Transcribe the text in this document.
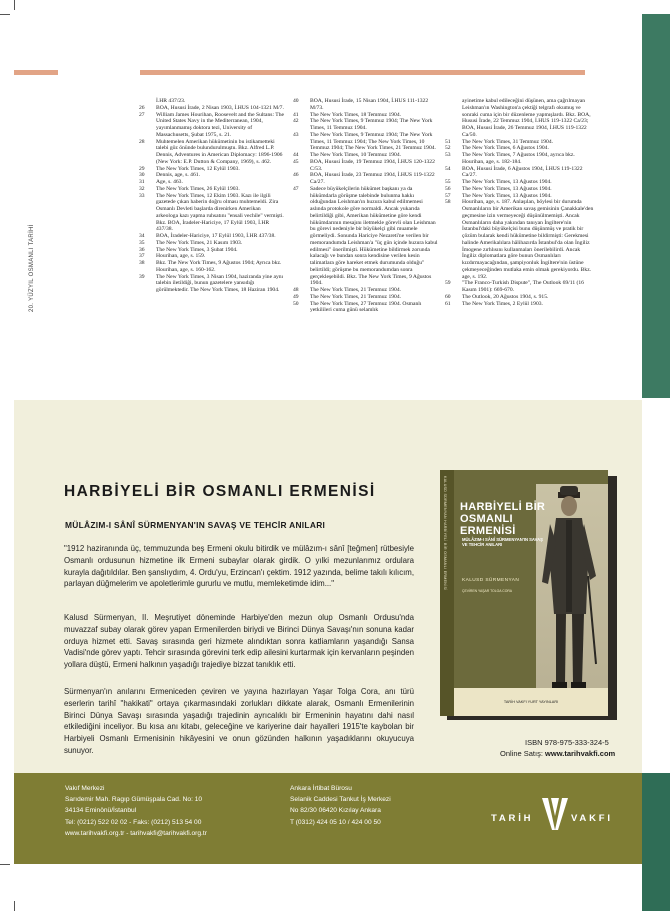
20. YÜZYIL OSMANLI TARİHİ
İ.HR 437/23.
26	BOA, Hususi İrade, 2 Nisan 1903, İ.HUS 104-1321 M/7.
27	William James Hourihan, Roosevelt and the Sultans: The United States Navy in the Mediterranean, 1904, yayımlanmamış doktora tezi, University of Massachusetts, Şubat 1975, s. 21.
28	Muhtemelen Amerikan hükümetinin bu istikametteki talebi göz önünde bulundurulmuştu. Bkz. Alfred L.P. Dennis, Adventures in American Diplomacy: 1896-1906 (New York: E.P. Dutton & Company, 1969), s. 462.
29	The New York Times, 12 Eylül 1903.
30	Dennis, age, s. 461.
31	Age, s. 463.
32	The New York Times, 26 Eylül 1903.
33	The New York Times, 12 Ekim 1903. Kazı ile ilgili gazetede çıkan haberin doğru olması muhtemeldi. Zira Osmanlı Devleti başlarda direnirken Amerikan arkeologa kazı yapma ruhsatını "ensali vechile" vermişti. Bkz. BOA, İradeler-Hariciye, 17 Eylül 1903, İ.HR 437/38.
34	BOA, İradeler-Hariciye, 17 Eylül 1903, İ.HR 437/38.
35	The New York Times, 21 Kasım 1903.
36	The New York Times, 3 Şubat 1904.
37	Hourihan, age, s. 159.
38	Bkz. The New York Times, 9 Ağustos 1904; Ayrıca bkz. Hourihan, age, s. 160-162.
39	The New York Times, 3 Nisan 1904, haziranda yine aynı talebin iletildiği, bunun gazetelere yansıdığı görülmektedir. The New York Times, 18 Haziran 1904.
40	BOA, Hususi İrade, 15 Nisan 1904, İ.HUS 111-1322 M/73.
41	The New York Times, 18 Temmuz 1904.
42	The New York Times, 9 Temmuz 1904; The New York Times, 11 Temmuz 1904.
43	The New York Times, 9 Temmuz 1904; The New York Times, 11 Temmuz 1904; The New York Times, 10 Temmuz 1904; The New York Times, 21 Temmuz 1904.
44	The New York Times, 10 Temmuz 1904.
45	BOA, Hususi İrade, 19 Temmuz 1904, İ.HUS 120-1322 C/53.
46	BOA, Hususi İrade, 23 Temmuz 1904, İ.HUS 119-1322 Ca/27.
47	Sadece büyükelçilerin hükümet başkanı ya da hükümdarla görüşme talebinde bulunma hakkı olduğundan Leishman'ın huzura kabul edilmemesi aslında protokole göre normaldi. Ancak yukarıda belirtildiği gibi, Amerikan hükümetine göre kendi hükümdarının mesajını iletmekle görevli olan Leishman bu görevi nedeniyle bir büyükelçi gibi muamele görmeliydi. Sonunda Hariciye Nezareti'ne verilen bir memorandumda Leishman'a "üç gün içinde huzura kabul edilmesi" önerilmişti. Hükümetine bildirmek zorunda kalacağı ve bundan sonra kendisine verilen kesin talimatlara göre hareket etmek durumunda olduğu" belirtildi; görüşme bu memorandumdan sonra gerçekleşebildi. Bkz. The New York Times, 9 Ağustos 1904.
48	The New York Times, 21 Temmuz 1904.
49	The New York Times, 21 Temmuz 1904.
50	The New York Times, 27 Temmuz 1904. Osmanlı yetkilileri cuma günü selamlık
ayinetime kabul edileceğini düşünen, ama çağrılmayan Leishman'ın Washington'a çektiği telgrafı okumuş ve sonraki cuma için bir düzenleme yapmışlardı. Bkz. BOA, Hususi İrade, 22 Temmuz 1904, İ.HUS 119-1322 Ca/23; BOA, Hususi İrade, 26 Temmuz 1904, İ.HUS 119-1322 Ca/50.
51	The New York Times, 31 Temmuz 1904.
52	The New York Times, 6 Ağustos 1904.
53	The New York Times, 7 Ağustos 1904, ayrıca bkz. Hourihan, age, s. 182-184.
54	BOA, Hususi İrade, 6 Ağustos 1904, İ.HUS 119-1322 Ca/27.
55	The New York Times, 13 Ağustos 1904.
56	The New York Times, 13 Ağustos 1904.
57	The New York Times, 13 Ağustos 1904.
58	Hourihan, age, s. 187. Anlaşılan, böylesi bir durumda Osmanlıların bir Amerikan savaş gemisinin Çanakkale'den geçmesine izin vermeyeceği düşünülmemişti. Ancak Osmanlıların daha yakından tanıyan İngiltere'nin İstanbul'daki büyükelçisi bunu düşünmüş ve pratik bir çözüm bularak kendi hükümetine bildirmişti: Gerekmesi halinde Amerikalılara hâlihazırda İstanbul'da olan İngiliz İmogene zırhlısını kullanmaları önerilebilirdi. Ancak İngiliz diplomatlara göre bunun Osmanlıları kızdırmayacağından, şampiyonluk İngiltere'nin üstüne çekmeyeceğinden mutlaka emin olmak gerekiyordu. Bkz. age, s. 192.
59	"The Franco-Turkish Dispute", The Outlook 69/11 (16 Kasım 1901): 669-670.
60	The Outlook, 20 Ağustos 1904, s. 915.
61	The New York Times, 2 Eylül 1903.
HARBİYELİ BİR OSMANLI ERMENİSİ
MÜLÂZIM-I SÂNÎ SÜRMENYAN'IN SAVAŞ VE TEHCİR ANILARI

"1912 haziranında üç, temmuzunda beş Ermeni okulu bitirdik ve mülâzım-ı sânî [teğmen] rütbesiyle Osmanlı ordusunun hizmetine ilk Ermeni subaylar olarak girdik. O yılki mezunlarımız ordulara kurayla dağıtıldılar. Ben şanslıydım, 4. Ordu'yu, Erzincan'ı çektim. 1912 yazında, belime takılı kılıcım, parlayan düğmelerim ve apoletlerimle gururlu ve mutlu, memleketimde idim..."

Kalusd Sürmenyan, II. Meşrutiyet döneminde Harbiye'den mezun olup Osmanlı Ordusu'nda muvazzaf subay olarak görev yapan Ermenilerden biriydi ve Birinci Dünya Savaşı'nın sonuna kadar orduya hizmet etti. Savaş sırasında geri hizmete alındıktan sonra katliamların yaşandığı Sansa Vadisi'nde görev yaptı. Tehcir sırasında görevini terk edip ailesini kurtarmak için kervanların peşinden yollara düştü, Ermeni halkının yaşadığı trajediye bizzat tanıklık etti.

Sürmenyan'ın anılarını Ermeniceden çeviren ve yayına hazırlayan Yaşar Tolga Cora, anı türü eserlerin tarihî "hakikati" ortaya çıkarmasındaki zorlukları dikkate alarak, Osmanlı Ermenilerinin Birinci Dünya Savaşı sırasında yaşadığı trajedinin ayrıcalıklı bir Ermeninin hayatını dahi nasıl etkilediğini inceliyor. Bu kısa anı kitabı, geleceğine ve kariyerine dair hayalleri 1915'te kaybolan bir Harbiyeli Osmanlı Ermenisinin hikâyesini ve onun gözünden halkının yaşadıklarını okuyucuya sunuyor.

KALUSD SÜRMENYAN HARBİYELİ BİR OSMANLI ERMENİSİ HARBİYELİ BİR OSMANLI ERMENİSİ
MÜLÂZIM-I SÂNÎ SÜRMENYAN'IN SAVAŞ VE TEHCİR ANILARI
KALUSD SÜRMENYAN
ÇEVİREN YAŞAR TOLGA CORA
TARİH VAKFI YURT YAYINLARI
ISBN 978-975-333-324-5
Online Satış: www.tarihvakfi.com
Vakıf Merkezi
Sarıdemir Mah. Ragıp Gümüşpala Cad. No: 10
34134 Eminönü/İstanbul
Tel: (0212) 522 02 02 - Faks: (0212) 513 54 00
www.tarihvakfi.org.tr - tarihvakfi@tarihvakfi.org.tr
Ankara İrtibat Bürosu
Selanik Caddesi Tankut İş Merkezi
No 82/30 06420 Kızılay Ankara
T (0312) 424 05 10 / 424 00 50	TARİH	VAKFI
